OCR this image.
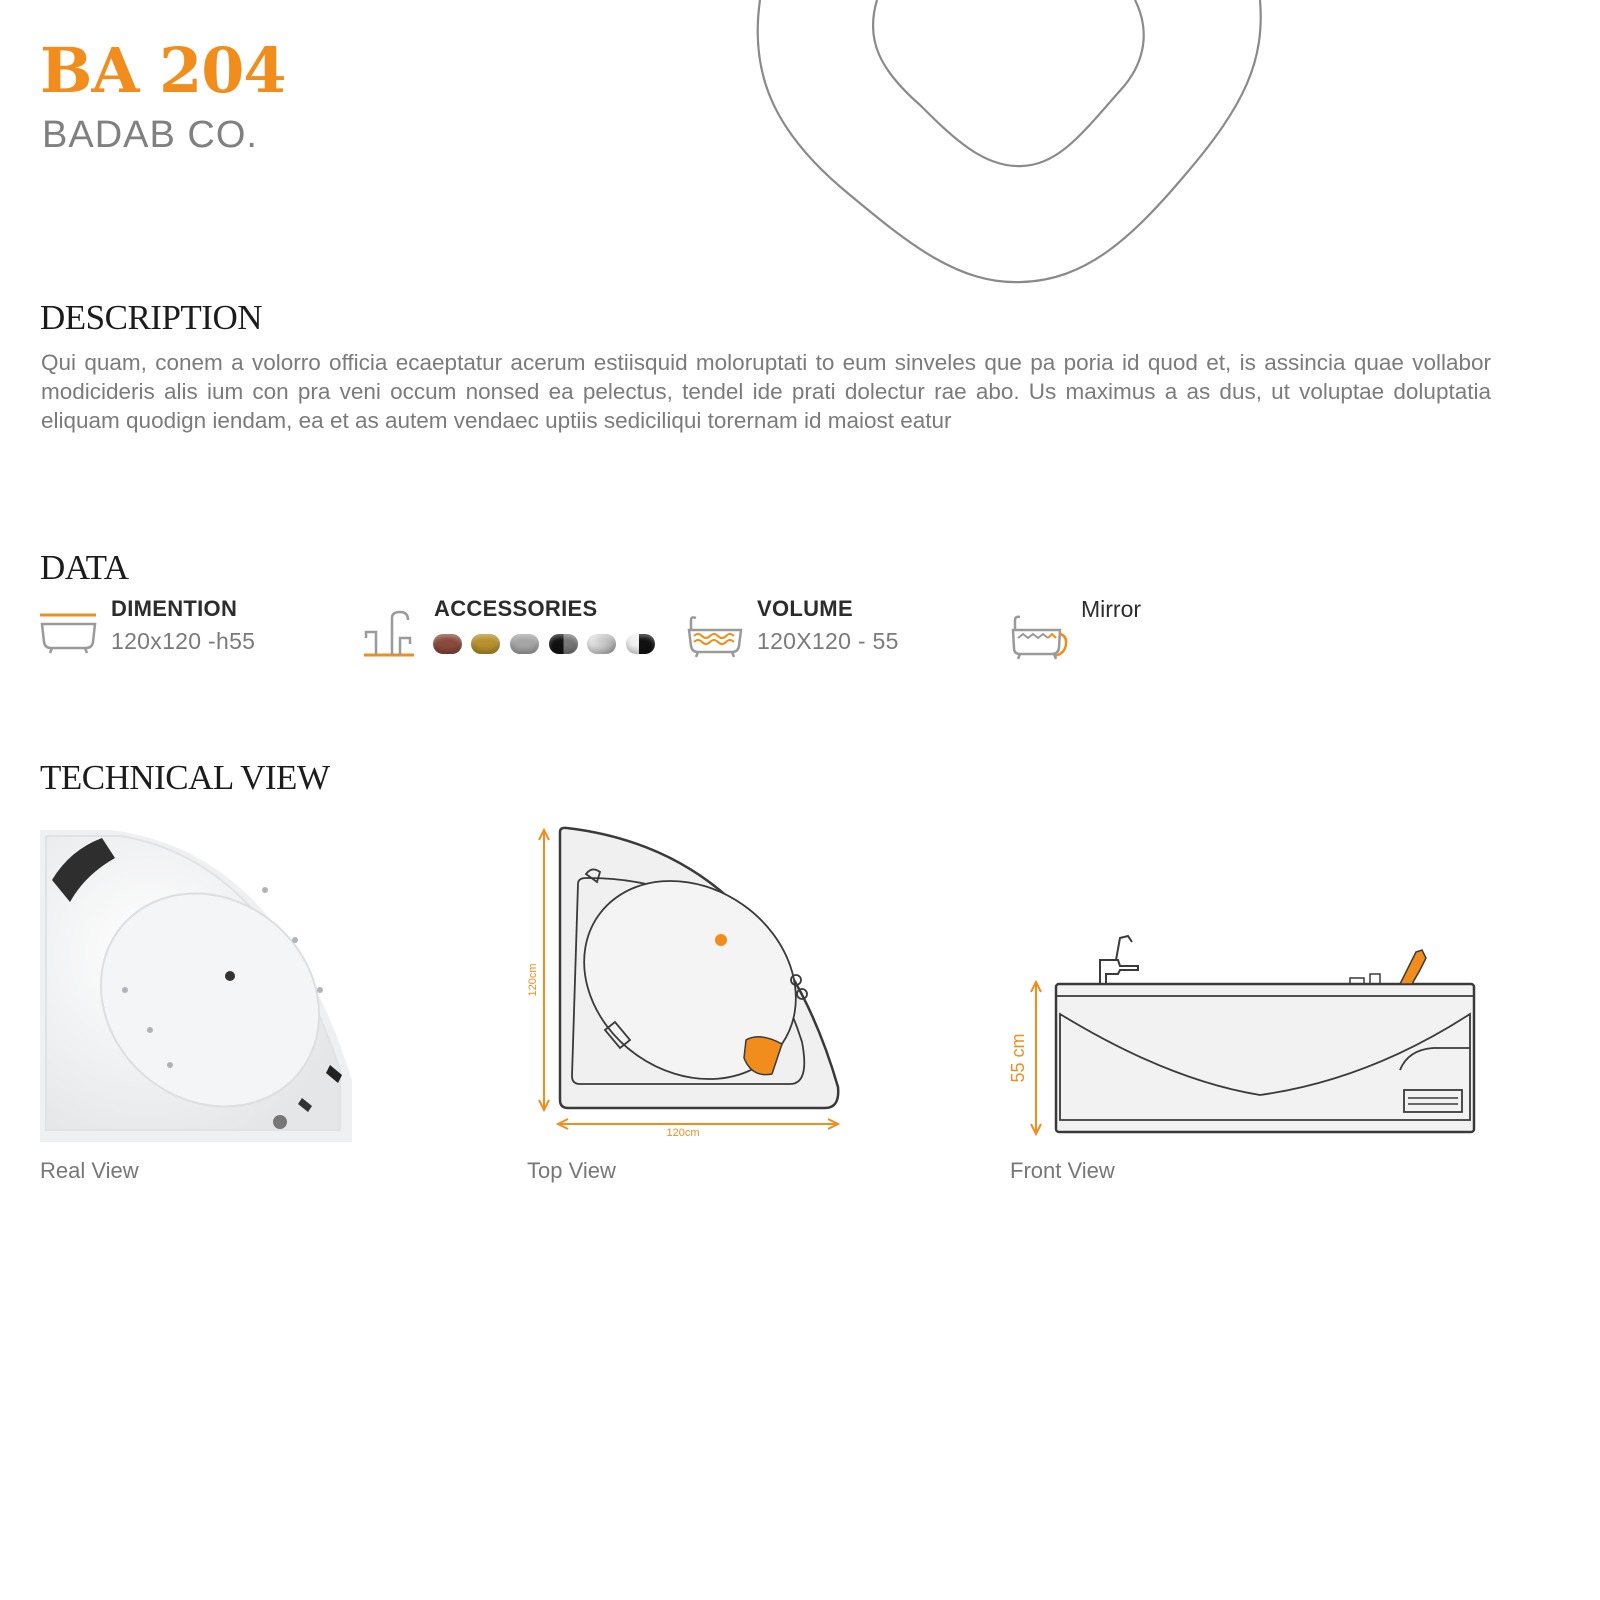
BA 204
BADAB CO.
DESCRIPTION
Qui quam, conem a volorro officia ecaeptatur acerum estiisquid moloruptati to eum sinveles que pa poria id quod et, is assincia quae vollabor modicideris alis ium con pra veni occum nonsed ea pelectus, tendel ide prati dolectur rae abo. Us maximus a as dus, ut voluptae doluptatia eliquam quodign iendam, ea et as autem vendaec uptiis sediciliqui torernam id maiost eatur
DATA
DIMENTION
120x120 -h55
ACCESSORIES	VOLUME
120X120 - 55
Mirror
TECHNICAL VIEW
Real View
120cm
120cm
Top View
55 cm
Front View
